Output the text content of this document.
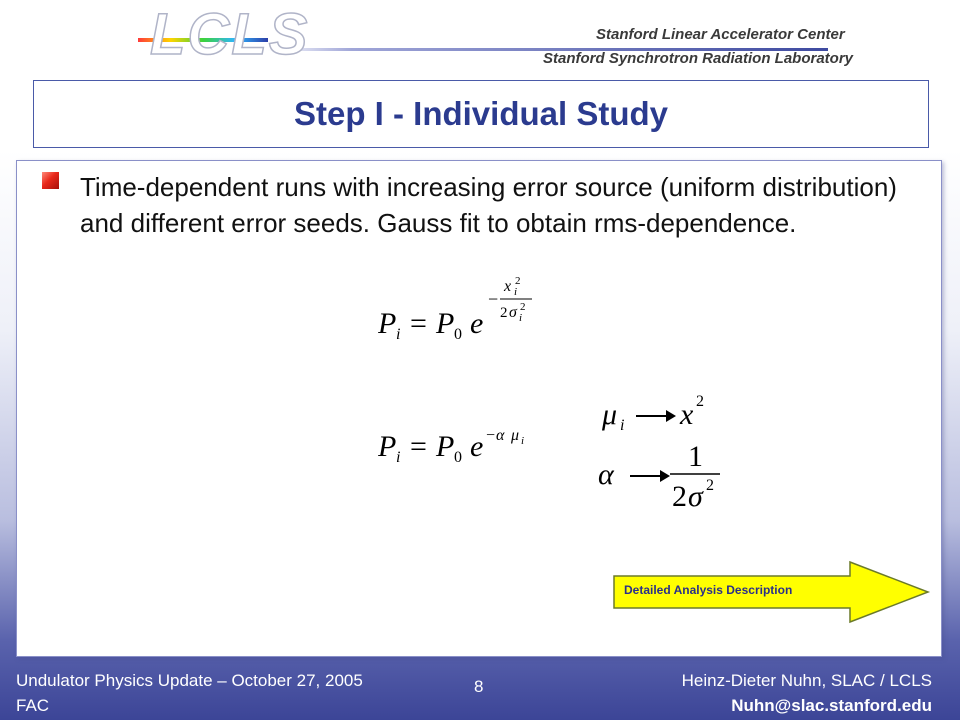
LCLS	Stanford Linear Accelerator Center
Stanford Synchrotron Radiation Laboratory
Step I - Individual Study
Time-dependent runs with increasing error source (uniform distribution) and different error seeds. Gauss fit to obtain rms-dependence.
P i = P 0 e
−
x i
2
2 σ i
2
P i = P 0 e − α μ i
μ i x 2
α
1
2 σ 2
Detailed Analysis Description
Undulator Physics Update – October 27, 2005
FAC
8	Heinz-Dieter Nuhn, SLAC / LCLS
Nuhn@slac.stanford.edu
